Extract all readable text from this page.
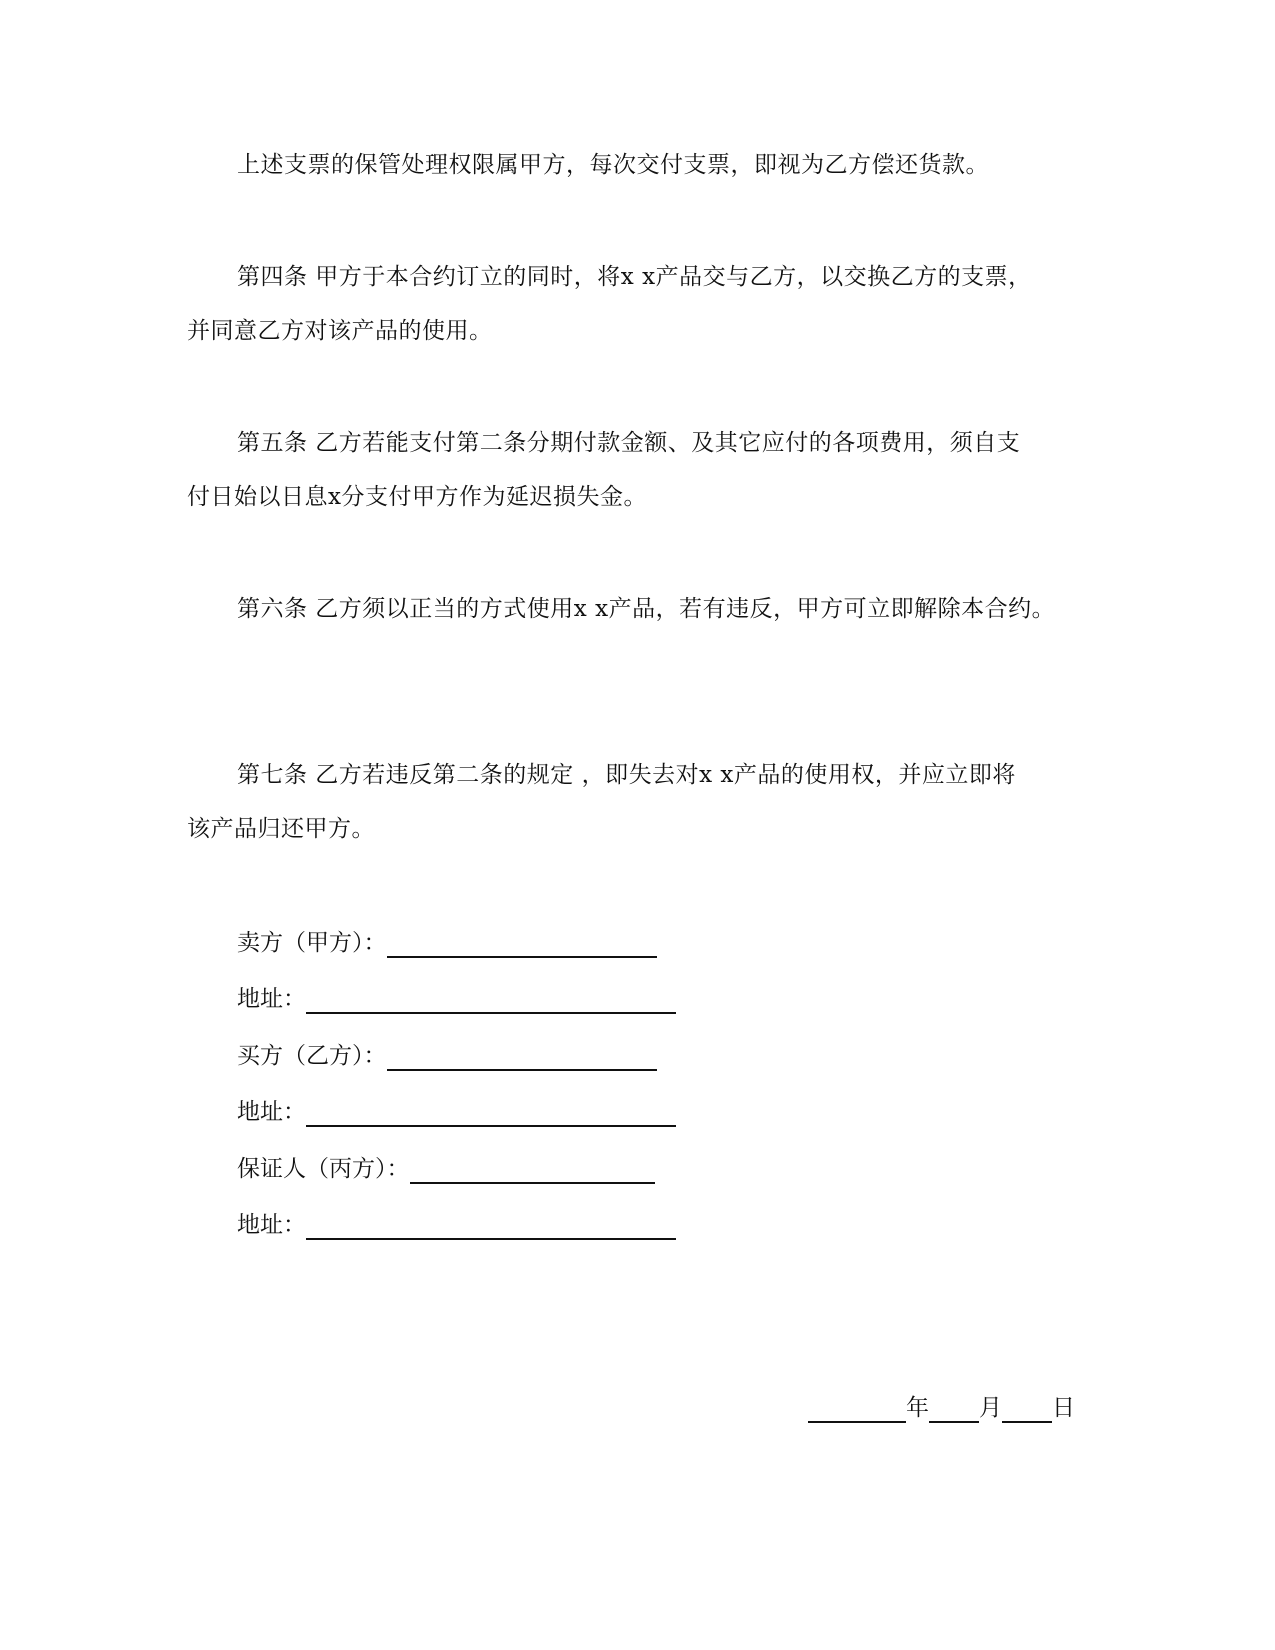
上述支票的保管处理权限属甲方，每次交付支票，即视为乙方偿还货款。
第四条 甲方于本合约订立的同时，将x x产品交与乙方，以交换乙方的支票，
并同意乙方对该产品的使用。
第五条 乙方若能支付第二条分期付款金额、及其它应付的各项费用，须自支
付日始以日息x分支付甲方作为延迟损失金。
第六条 乙方须以正当的方式使用x x产品，若有违反，甲方可立即解除本合约。
第七条 乙方若违反第二条的规定 ，即失去对x x产品的使用权，并应立即将
该产品归还甲方。
卖方（甲方）：
地址：
买方（乙方）：
地址：
保证人（丙方）：
地址：
年 月 日
